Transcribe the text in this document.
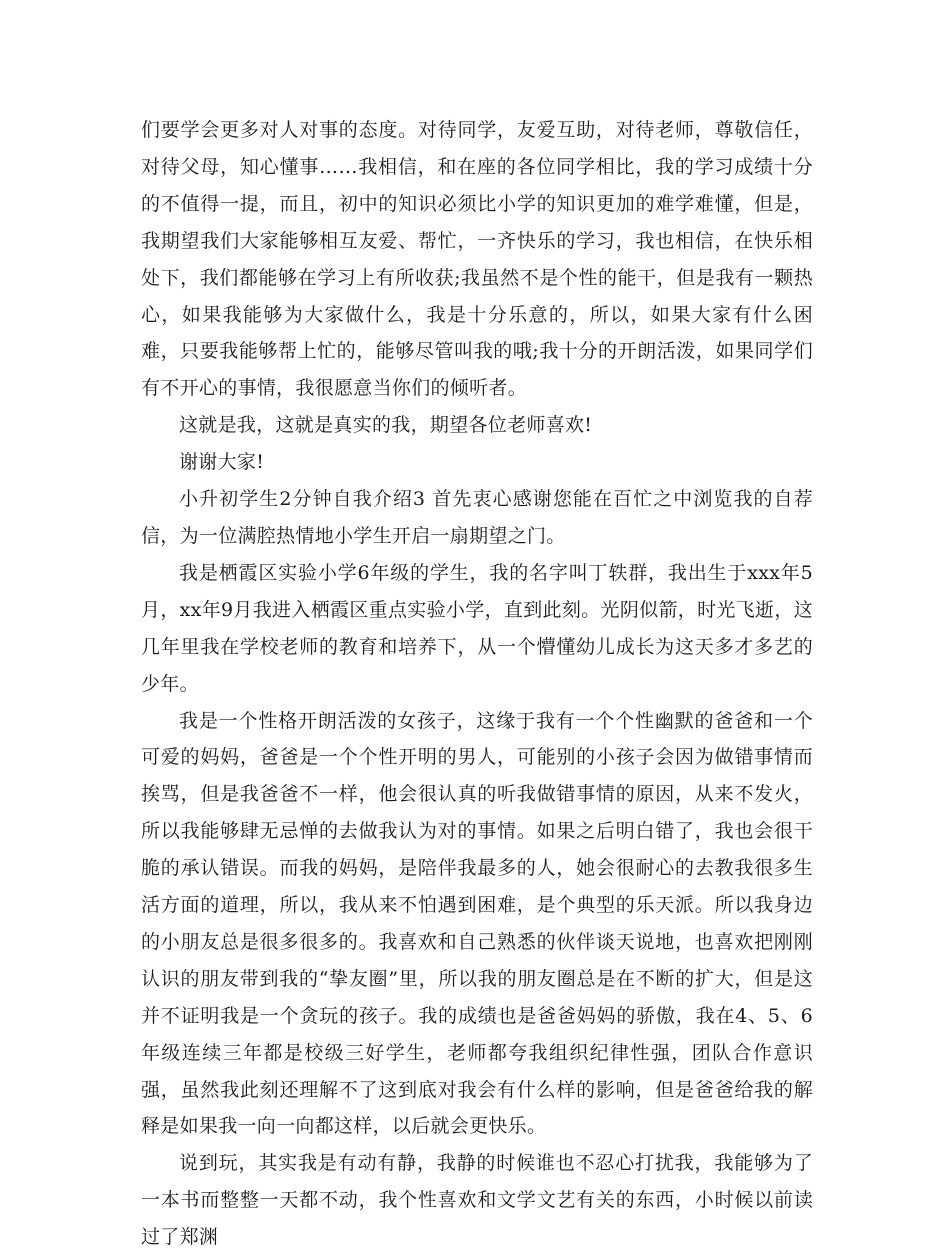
们要学会更多对人对事的态度。对待同学，友爱互助，对待老师，尊敬信任，对待父母，知心懂事……我相信，和在座的各位同学相比，我的学习成绩十分的不值得一提，而且，初中的知识必须比小学的知识更加的难学难懂，但是，我期望我们大家能够相互友爱、帮忙，一齐快乐的学习，我也相信，在快乐相处下，我们都能够在学习上有所收获;我虽然不是个性的能干，但是我有一颗热心，如果我能够为大家做什么，我是十分乐意的，所以，如果大家有什么困难，只要我能够帮上忙的，能够尽管叫我的哦;我十分的开朗活泼，如果同学们有不开心的事情，我很愿意当你们的倾听者。

这就是我，这就是真实的我，期望各位老师喜欢!

谢谢大家!

小升初学生2分钟自我介绍3 首先衷心感谢您能在百忙之中浏览我的自荐信，为一位满腔热情地小学生开启一扇期望之门。

我是栖霞区实验小学6年级的学生，我的名字叫丁轶群，我出生于xxx年5月，xx年9月我进入栖霞区重点实验小学，直到此刻。光阴似箭，时光飞逝，这几年里我在学校老师的教育和培养下，从一个懵懂幼儿成长为这天多才多艺的少年。

我是一个性格开朗活泼的女孩子，这缘于我有一个个性幽默的爸爸和一个可爱的妈妈，爸爸是一个个性开明的男人，可能别的小孩子会因为做错事情而挨骂，但是我爸爸不一样，他会很认真的听我做错事情的原因，从来不发火，所以我能够肆无忌惮的去做我认为对的事情。如果之后明白错了，我也会很干脆的承认错误。而我的妈妈，是陪伴我最多的人，她会很耐心的去教我很多生活方面的道理，所以，我从来不怕遇到困难，是个典型的乐天派。所以我身边的小朋友总是很多很多的。我喜欢和自己熟悉的伙伴谈天说地，也喜欢把刚刚认识的朋友带到我的“挚友圈”里，所以我的朋友圈总是在不断的扩大，但是这并不证明我是一个贪玩的孩子。我的成绩也是爸爸妈妈的骄傲，我在4、5、6年级连续三年都是校级三好学生，老师都夸我组织纪律性强，团队合作意识强，虽然我此刻还理解不了这到底对我会有什么样的影响，但是爸爸给我的解释是如果我一向一向都这样，以后就会更快乐。

说到玩，其实我是有动有静，我静的时候谁也不忍心打扰我，我能够为了一本书而整整一天都不动，我个性喜欢和文学文艺有关的东西，小时候以前读过了郑渊
